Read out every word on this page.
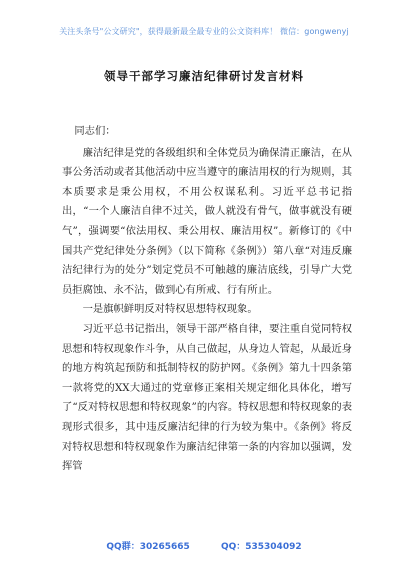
关注头条号"公文研究"，获得最新最全最专业的公文资料库！ 微信：gongwenyj
领导干部学习廉洁纪律研讨发言材料

同志们：

廉洁纪律是党的各级组织和全体党员为确保清正廉洁，在从事公务活动或者其他活动中应当遵守的廉洁用权的行为规则，其本质要求是秉公用权，不用公权谋私利。习近平总书记指出，“一个人廉洁自律不过关，做人就没有骨气，做事就没有硬气”，强调要“依法用权、秉公用权、廉洁用权”。新修订的《中国共产党纪律处分条例》（以下简称《条例》）第八章“对违反廉洁纪律行为的处分”划定党员不可触越的廉洁底线，引导广大党员拒腐蚀、永不沾，做到心有所戒、行有所止。

一是旗帜鲜明反对特权思想特权现象。

习近平总书记指出，领导干部严格自律，要注重自觉同特权思想和特权现象作斗争，从自己做起，从身边人管起，从最近身的地方构筑起预防和抵制特权的防护网。《条例》第九十四条第一款将党的XX大通过的党章修正案相关规定细化具体化，增写了“反对特权思想和特权现象”的内容。特权思想和特权现象的表现形式很多，其中违反廉洁纪律的行为较为集中。《条例》将反对特权思想和特权现象作为廉洁纪律第一条的内容加以强调，发挥管

QQ群：30265665	QQ：535304092
